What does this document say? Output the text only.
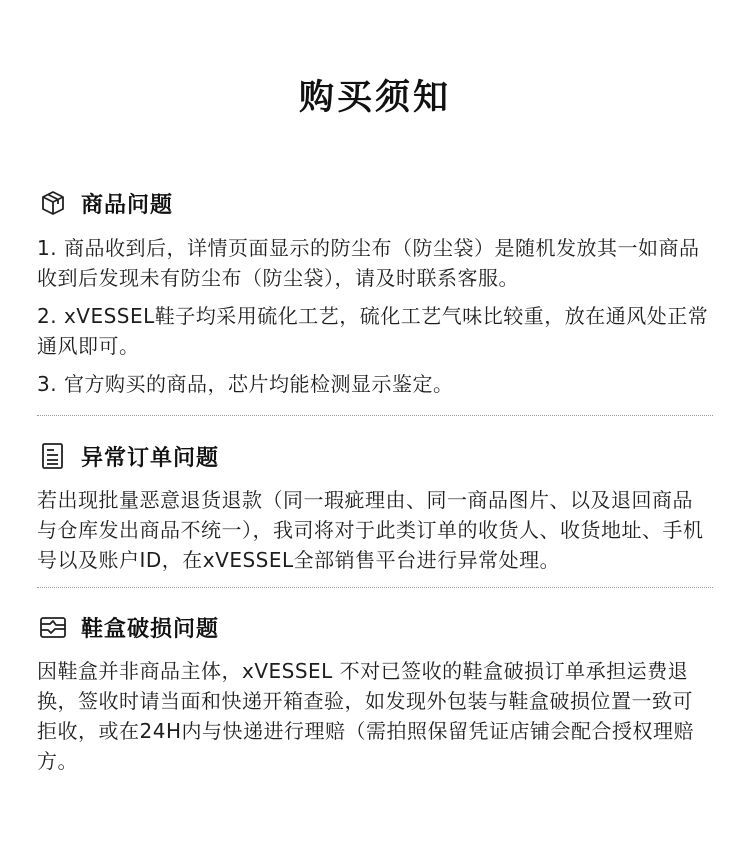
购买须知
商品问题

1. 商品收到后，详情页面显示的防尘布（防尘袋）是随机发放其一如商品收到后发现未有防尘布（防尘袋），请及时联系客服。

2. xVESSEL鞋子均采用硫化工艺，硫化工艺气味比较重，放在通风处正常通风即可。

3. 官方购买的商品，芯片均能检测显示鉴定。

异常订单问题

若出现批量恶意退货退款（同一瑕疵理由、同一商品图片、以及退回商品与仓库发出商品不统一），我司将对于此类订单的收货人、收货地址、手机号以及账户ID，在xVESSEL全部销售平台进行异常处理。

鞋盒破损问题

因鞋盒并非商品主体，xVESSEL 不对已签收的鞋盒破损订单承担运费退换，签收时请当面和快递开箱查验，如发现外包装与鞋盒破损位置一致可拒收，或在24H内与快递进行理赔（需拍照保留凭证店铺会配合授权理赔方。
